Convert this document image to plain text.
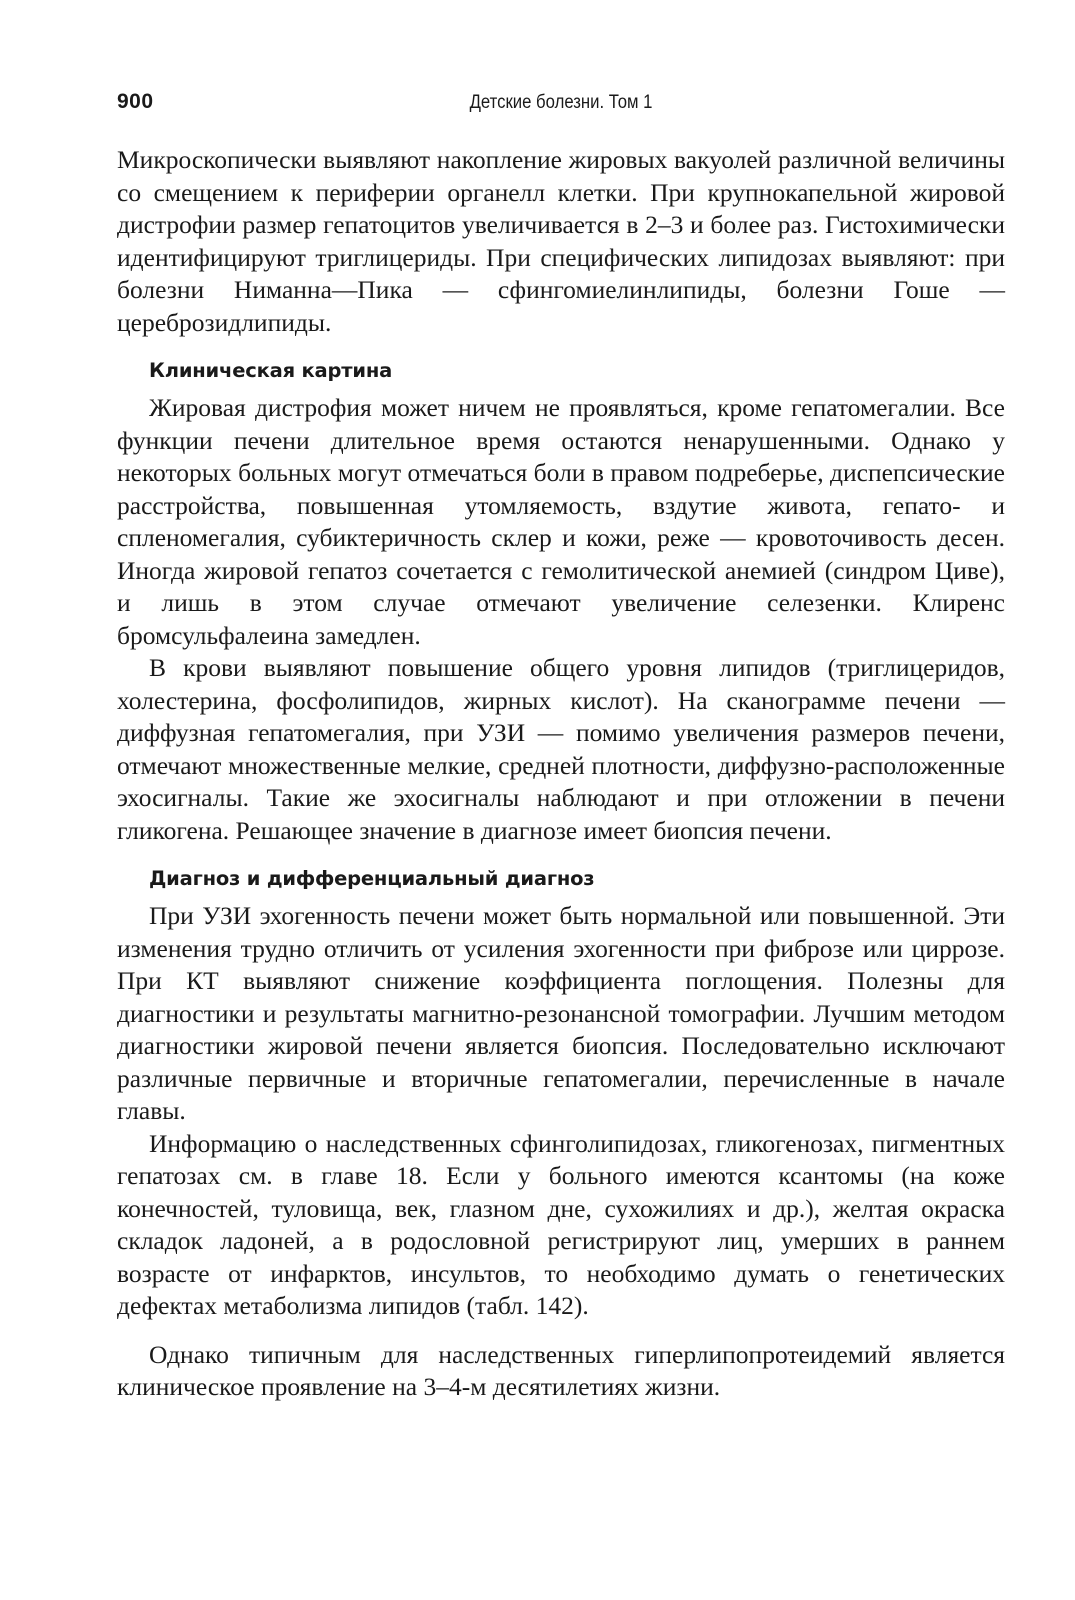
900	Детские болезни. Том 1

Микроскопически выявляют накопление жировых вакуолей различной величины со смещением к периферии органелл клетки. При крупнокапельной жировой дистрофии размер гепатоцитов увеличивается в 2–3 и более раз. Гистохимически идентифицируют триглицериды. При специфических липидозах выявляют: при болезни Ниманна—Пика — сфингомиелинлипиды, болезни Гоше — цереброзидлипиды.

Клиническая картина

Жировая дистрофия может ничем не проявляться, кроме гепатомегалии. Все функции печени длительное время остаются ненарушенными. Однако у некоторых больных могут отмечаться боли в правом подреберье, диспепсические расстройства, повышенная утомляемость, вздутие живота, гепато- и спленомегалия, субиктеричность склер и кожи, реже — кровоточивость десен. Иногда жировой гепатоз сочетается с гемолитической анемией (синдром Циве), и лишь в этом случае отмечают увеличение селезенки. Клиренс бромсульфалеина замедлен.

В крови выявляют повышение общего уровня липидов (триглицеридов, холестерина, фосфолипидов, жирных кислот). На сканограмме печени — диффузная гепатомегалия, при УЗИ — помимо увеличения размеров печени, отмечают множественные мелкие, средней плотности, диффузно-расположенные эхосигналы. Такие же эхосигналы наблюдают и при отложении в печени гликогена. Решающее значение в диагнозе имеет биопсия печени.

Диагноз и дифференциальный диагноз

При УЗИ эхогенность печени может быть нормальной или повышенной. Эти изменения трудно отличить от усиления эхогенности при фиброзе или циррозе. При КТ выявляют снижение коэффициента поглощения. Полезны для диагностики и результаты магнитно-резонансной томографии. Лучшим методом диагностики жировой печени является биопсия. Последовательно исключают различные первичные и вторичные гепатомегалии, перечисленные в начале главы.

Информацию о наследственных сфинголипидозах, гликогенозах, пигментных гепатозах см. в главе 18. Если у больного имеются ксантомы (на коже конечностей, туловища, век, глазном дне, сухожилиях и др.), желтая окраска складок ладоней, а в родословной регистрируют лиц, умерших в раннем возрасте от инфарктов, инсультов, то необходимо думать о генетических дефектах метаболизма липидов (табл. 142).

Однако типичным для наследственных гиперлипопротеидемий является клиническое проявление на 3–4-м десятилетиях жизни.
